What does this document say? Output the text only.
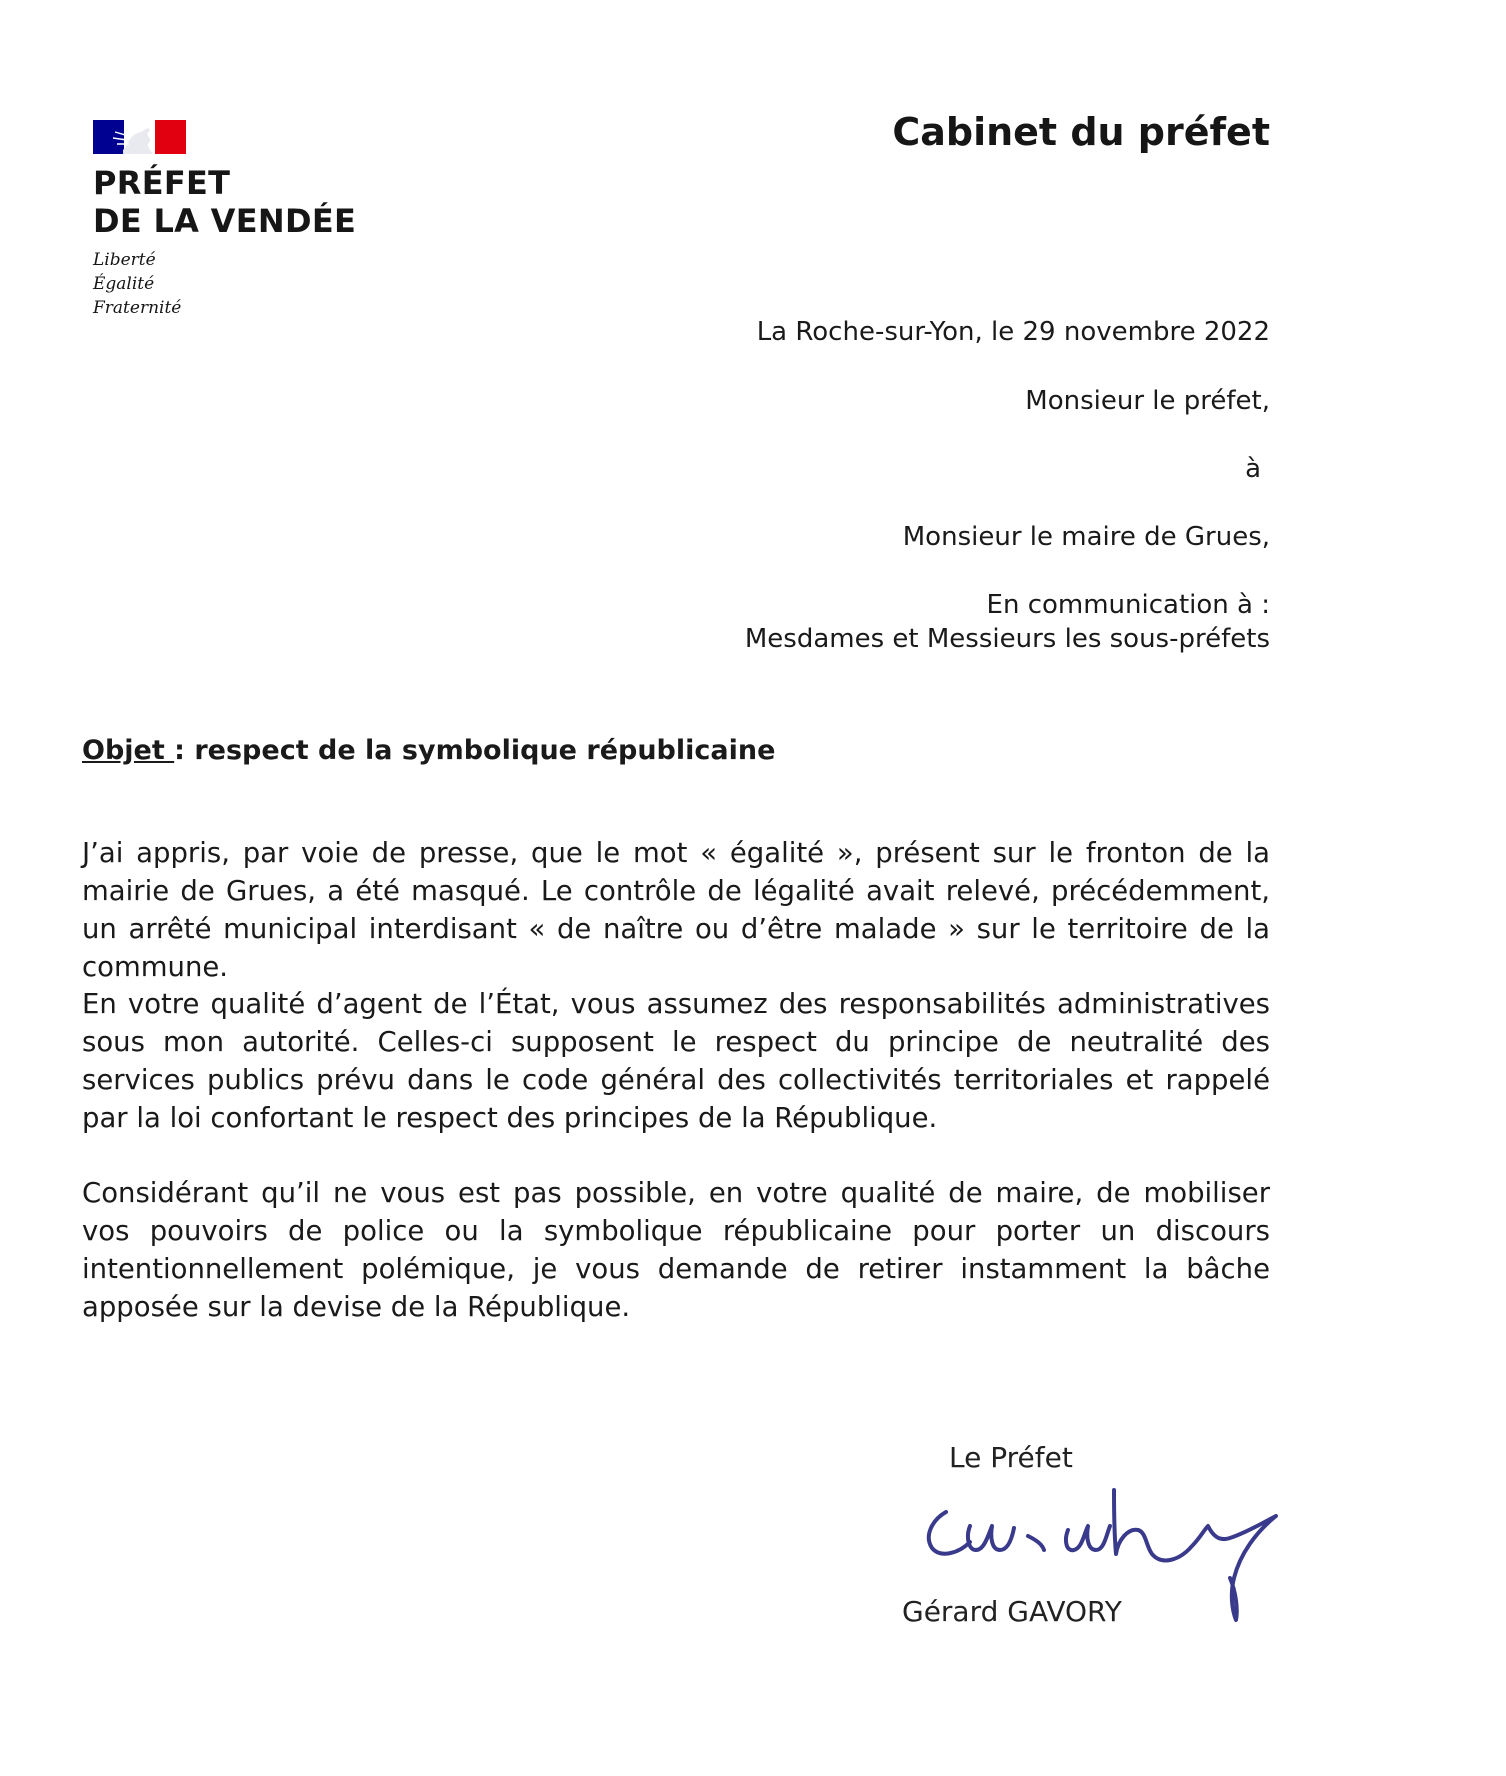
PRÉFET
DE LA VENDÉE
Liberté
Égalité
Fraternité
Cabinet du préfet
La Roche-sur-Yon, le 29 novembre 2022
Monsieur le préfet,
à
Monsieur le maire de Grues,
En communication à :
Mesdames et Messieurs les sous-préfets
Objet : respect de la symbolique républicaine
J’ai appris, par voie de presse, que le mot « égalité », présent sur le fronton de la mairie de Grues, a été masqué. Le contrôle de légalité avait relevé, précédemment, un arrêté municipal interdisant « de naître ou d’être malade » sur le territoire de la commune.
En votre qualité d’agent de l’État, vous assumez des responsabilités administratives sous mon autorité. Celles-ci supposent le respect du principe de neutralité des services publics prévu dans le code général des collectivités territoriales et rappelé par la loi confortant le respect des principes de la République.
Considérant qu’il ne vous est pas possible, en votre qualité de maire, de mobiliser vos pouvoirs de police ou la symbolique républicaine pour porter un discours intentionnellement polémique, je vous demande de retirer instamment la bâche apposée sur la devise de la République.
Le Préfet
Gérard GAVORY
